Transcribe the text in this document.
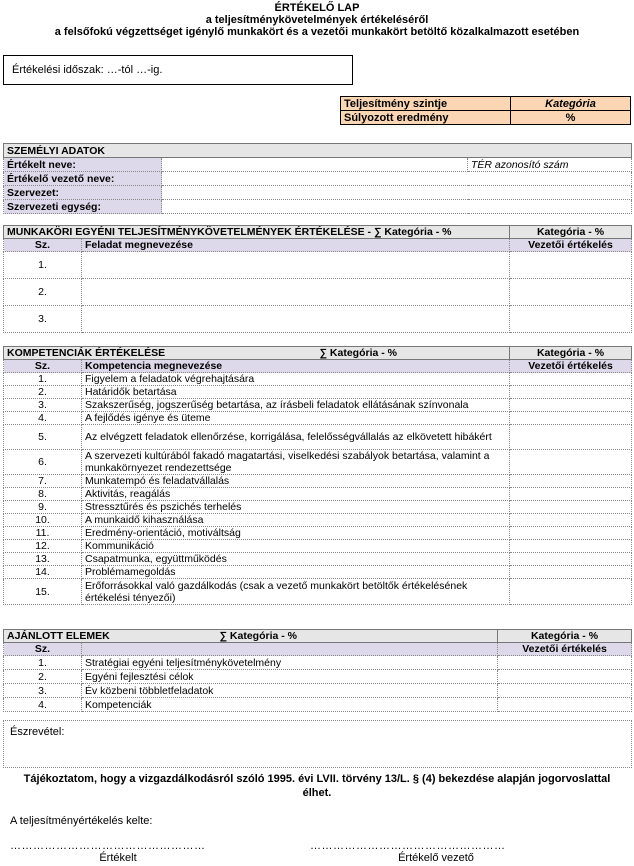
ÉRTÉKELŐ LAP
a teljesítménykövetelmények értékeléséről
a felsőfokú végzettséget igénylő munkakört és a vezetői munkakört betöltő közalkalmazott esetében
Értékelési időszak: …-tól …-ig.
Teljesítmény szintje	Kategória
Súlyozott eredmény	%
SZEMÉLYI ADATOK		
Értékelt neve:		TÉR azonosító szám
Értékelő vezető neve:		
Szervezet:		
Szervezeti egység:		
MUNKAKÖRI EGYÉNI TELJESÍTMÉNYKÖVETELMÉNYEK ÉRTÉKELÉSE - ∑ Kategória - %		Kategória - %
Sz.	Feladat megnevezése	Vezetői értékelés
1.		
2.		
3.		
KOMPETENCIÁK ÉRTÉKELÉSE ∑ Kategória - %		Kategória - %
Sz.	Kompetencia megnevezése	Vezetői értékelés
1.	Figyelem a feladatok végrehajtására	
2.	Határidők betartása	
3.	Szakszerűség, jogszerűség betartása, az írásbeli feladatok ellátásának színvonala	
4.	A fejlődés igénye és üteme	
5.	Az elvégzett feladatok ellenőrzése, korrigálása, felelősségvállalás az elkövetett hibákért	
6.	A szervezeti kultúrából fakadó magatartási, viselkedési szabályok betartása, valamint a munkakörnyezet rendezettsége	
7.	Munkatempó és feladatvállalás	
8.	Aktivitás, reagálás	
9.	Stressztűrés és pszichés terhelés	
10.	A munkaidő kihasználása	
11.	Eredmény-orientáció, motiváltság	
12.	Kommunikáció	
13.	Csapatmunka, együttműködés	
14.	Problémamegoldás	
15.	Erőforrásokkal való gazdálkodás (csak a vezető munkakört betöltők értékelésének értékelési tényezői)	
AJÁNLOTT ELEMEK ∑ Kategória - %		Kategória - %
Sz.		Vezetői értékelés
1.	Stratégiai egyéni teljesítménykövetelmény	
2.	Egyéni fejlesztési célok	
3.	Év közbeni többletfeladatok	
4.	Kompetenciák	
Észrevétel:
Tájékoztatom, hogy a vizgazdálkodásról szóló 1995. évi LVII. törvény 13/L. § (4) bekezdése alapján jogorvoslattal élhet.
A teljesítményértékelés kelte:
……………………………………………	……………………………………………
Értékelt	Értékelő vezető
